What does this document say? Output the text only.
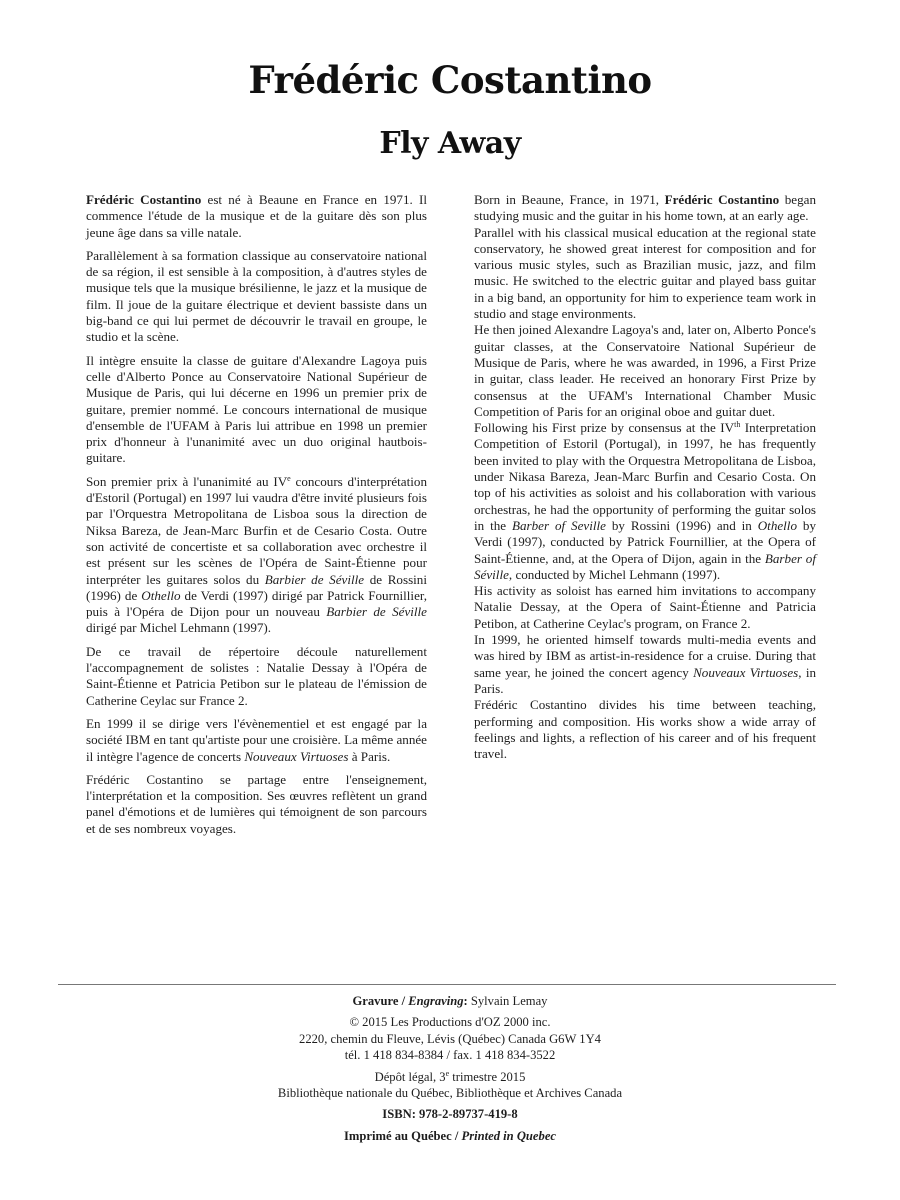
Frédéric Costantino
Fly Away

Frédéric Costantino est né à Beaune en France en 1971. Il commence l'étude de la musique et de la guitare dès son plus jeune âge dans sa ville natale.

Parallèlement à sa formation classique au conservatoire national de sa région, il est sensible à la composition, à d'autres styles de musique tels que la musique brésilienne, le jazz et la musique de film. Il joue de la guitare électrique et devient bassiste dans un big-band ce qui lui permet de découvrir le travail en groupe, le studio et la scène.

Il intègre ensuite la classe de guitare d'Alexandre Lagoya puis celle d'Alberto Ponce au Conservatoire National Supérieur de Musique de Paris, qui lui décerne en 1996 un premier prix de guitare, premier nommé. Le concours international de musique d'ensemble de l'UFAM à Paris lui attribue en 1998 un premier prix d'honneur à l'unanimité avec un duo original hautbois-guitare.

Son premier prix à l'unanimité au IVe concours d'interprétation d'Estoril (Portugal) en 1997 lui vaudra d'être invité plusieurs fois par l'Orquestra Metropolitana de Lisboa sous la direction de Niksa Bareza, de Jean-Marc Burfin et de Cesario Costa. Outre son activité de concertiste et sa collaboration avec orchestre il est présent sur les scènes de l'Opéra de Saint-Étienne pour interpréter les guitares solos du Barbier de Séville de Rossini (1996) de Othello de Verdi (1997) dirigé par Patrick Fournillier, puis à l'Opéra de Dijon pour un nouveau Barbier de Séville dirigé par Michel Lehmann (1997).

De ce travail de répertoire découle naturellement l'accompagnement de solistes : Natalie Dessay à l'Opéra de Saint-Étienne et Patricia Petibon sur le plateau de l'émission de Catherine Ceylac sur France 2.

En 1999 il se dirige vers l'évènementiel et est engagé par la société IBM en tant qu'artiste pour une croisière. La même année il intègre l'agence de concerts Nouveaux Virtuoses à Paris.

Frédéric Costantino se partage entre l'enseignement, l'interprétation et la composition. Ses œuvres reflètent un grand panel d'émotions et de lumières qui témoignent de son parcours et de ses nombreux voyages.

Born in Beaune, France, in 1971, Frédéric Costantino began studying music and the guitar in his home town, at an early age.

Parallel with his classical musical education at the regional state conservatory, he showed great interest for composition and for various music styles, such as Brazilian music, jazz, and film music. He switched to the electric guitar and played bass guitar in a big band, an opportunity for him to experience team work in studio and stage environments.

He then joined Alexandre Lagoya's and, later on, Alberto Ponce's guitar classes, at the Conservatoire National Supérieur de Musique de Paris, where he was awarded, in 1996, a First Prize in guitar, class leader. He received an honorary First Prize by consensus at the UFAM's International Chamber Music Competition of Paris for an original oboe and guitar duet.

Following his First prize by consensus at the IVth Interpretation Competition of Estoril (Portugal), in 1997, he has frequently been invited to play with the Orquestra Metropolitana de Lisboa, under Nikasa Bareza, Jean-Marc Burfin and Cesario Costa. On top of his activities as soloist and his collaboration with various orchestras, he had the opportunity of performing the guitar solos in the Barber of Seville by Rossini (1996) and in Othello by Verdi (1997), conducted by Patrick Fournillier, at the Opera of Saint-Étienne, and, at the Opera of Dijon, again in the Barber of Séville, conducted by Michel Lehmann (1997).

His activity as soloist has earned him invitations to accompany Natalie Dessay, at the Opera of Saint-Étienne and Patricia Petibon, at Catherine Ceylac's program, on France 2.

In 1999, he oriented himself towards multi-media events and was hired by IBM as artist-in-residence for a cruise. During that same year, he joined the concert agency Nouveaux Virtuoses, in Paris.

Frédéric Costantino divides his time between teaching, performing and composition. His works show a wide array of feelings and lights, a reflection of his career and of his frequent travel.

Gravure / Engraving: Sylvain Lemay
© 2015 Les Productions d'OZ 2000 inc.
2220, chemin du Fleuve, Lévis (Québec) Canada G6W 1Y4
tél. 1 418 834-8384 / fax. 1 418 834-3522
Dépôt légal, 3e trimestre 2015
Bibliothèque nationale du Québec, Bibliothèque et Archives Canada
ISBN: 978-2-89737-419-8
Imprimé au Québec / Printed in Quebec
